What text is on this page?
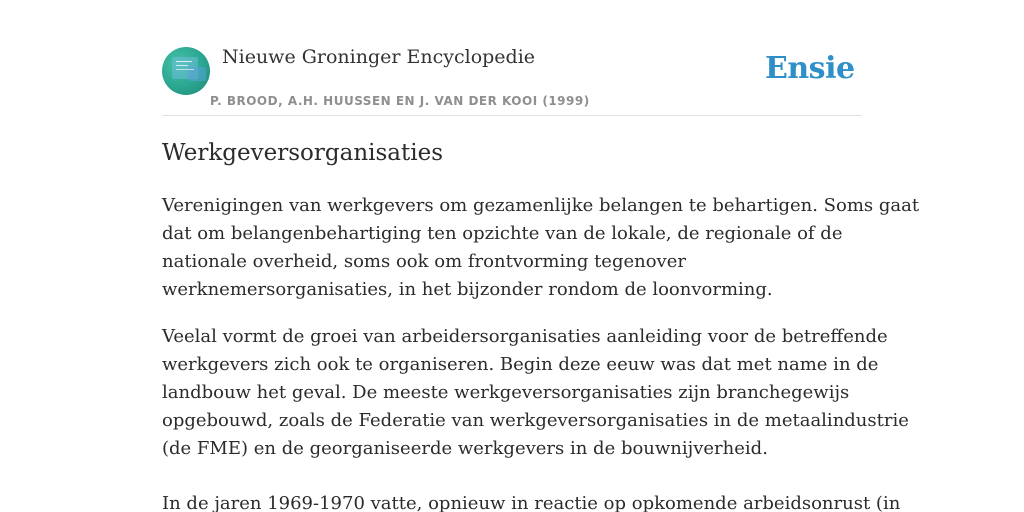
Nieuwe Groninger Encyclopedie
P. BROOD, A.H. HUUSSEN EN J. VAN DER KOOI (1999)
Ensie
Werkgeversorganisaties
Verenigingen van werkgevers om gezamenlijke belangen te behartigen. Soms gaat
dat om belangenbehartiging ten opzichte van de lokale, de regionale of de
nationale overheid, soms ook om frontvorming tegenover
werknemersorganisaties, in het bijzonder rondom de loonvorming.
Veelal vormt de groei van arbeidersorganisaties aanleiding voor de betreffende
werkgevers zich ook te organiseren. Begin deze eeuw was dat met name in de
landbouw het geval. De meeste werkgeversorganisaties zijn branchegewijs
opgebouwd, zoals de Federatie van werkgeversorganisaties in de metaalindustrie
(de FME) en de georganiseerde werkgevers in de bouwnijverheid.
In de jaren 1969-1970 vatte, opnieuw in reactie op opkomende arbeidsonrust (in
